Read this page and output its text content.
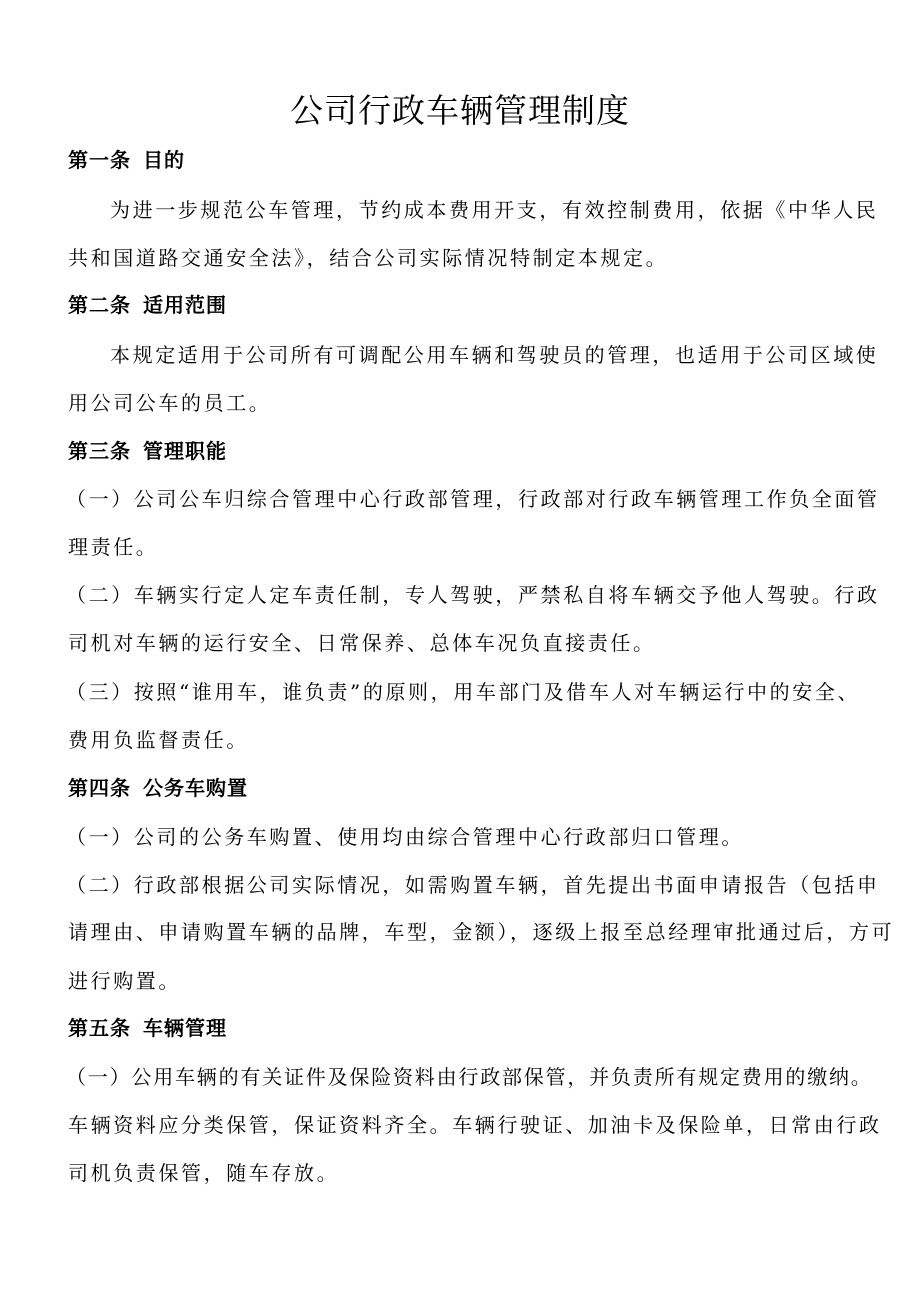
公司行政车辆管理制度
第一条 目的
为进一步规范公车管理，节约成本费用开支，有效控制费用，依据《中华人民
共和国道路交通安全法》，结合公司实际情况特制定本规定。
第二条 适用范围
本规定适用于公司所有可调配公用车辆和驾驶员的管理，也适用于公司区域使
用公司公车的员工。
第三条 管理职能
（一）公司公车归综合管理中心行政部管理，行政部对行政车辆管理工作负全面管
理责任。
（二）车辆实行定人定车责任制，专人驾驶，严禁私自将车辆交予他人驾驶。行政
司机对车辆的运行安全、日常保养、总体车况负直接责任。
（三）按照“谁用车，谁负责”的原则，用车部门及借车人对车辆运行中的安全、
费用负监督责任。
第四条 公务车购置
（一）公司的公务车购置、使用均由综合管理中心行政部归口管理。
（二）行政部根据公司实际情况，如需购置车辆，首先提出书面申请报告（包括申
请理由、申请购置车辆的品牌，车型，金额），逐级上报至总经理审批通过后，方可
进行购置。
第五条 车辆管理
（一）公用车辆的有关证件及保险资料由行政部保管，并负责所有规定费用的缴纳。
车辆资料应分类保管，保证资料齐全。车辆行驶证、加油卡及保险单，日常由行政
司机负责保管，随车存放。
